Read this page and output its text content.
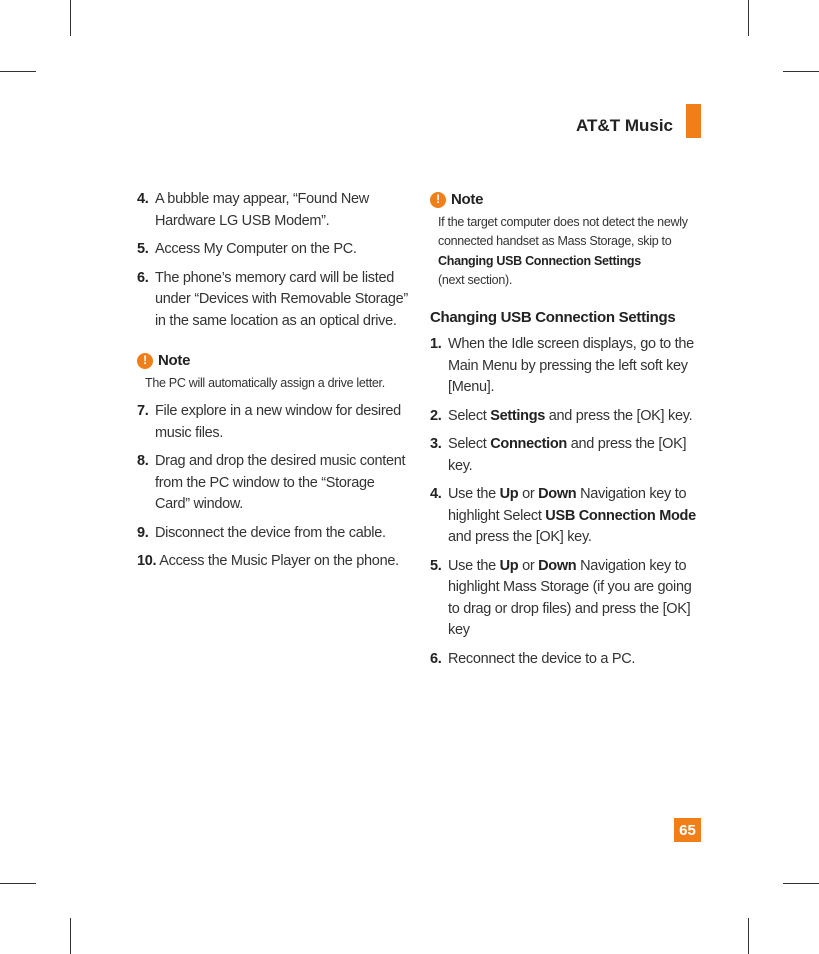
AT&T Music
4. A bubble may appear, “Found New Hardware LG USB Modem”.
5. Access My Computer on the PC.
6. The phone’s memory card will be listed under “Devices with Removable Storage” in the same location as an optical drive.
! Note
The PC will automatically assign a drive letter.
7. File explore in a new window for desired music files.
8. Drag and drop the desired music content from the PC window to the “Storage Card” window.
9. Disconnect the device from the cable.
10. Access the Music Player on the phone.
! Note
If the target computer does not detect the newly connected handset as Mass Storage, skip to
Changing USB Connection Settings
(next section).
Changing USB Connection Settings
1. When the Idle screen displays, go to the Main Menu by pressing the left soft key [Menu].
2. Select Settings and press the [OK] key.
3. Select Connection and press the [OK] key.
4. Use the Up or Down Navigation key to highlight Select USB Connection Mode and press the [OK] key.
5. Use the Up or Down Navigation key to highlight Mass Storage (if you are going to drag or drop files) and press the [OK] key
6. Reconnect the device to a PC.
65
